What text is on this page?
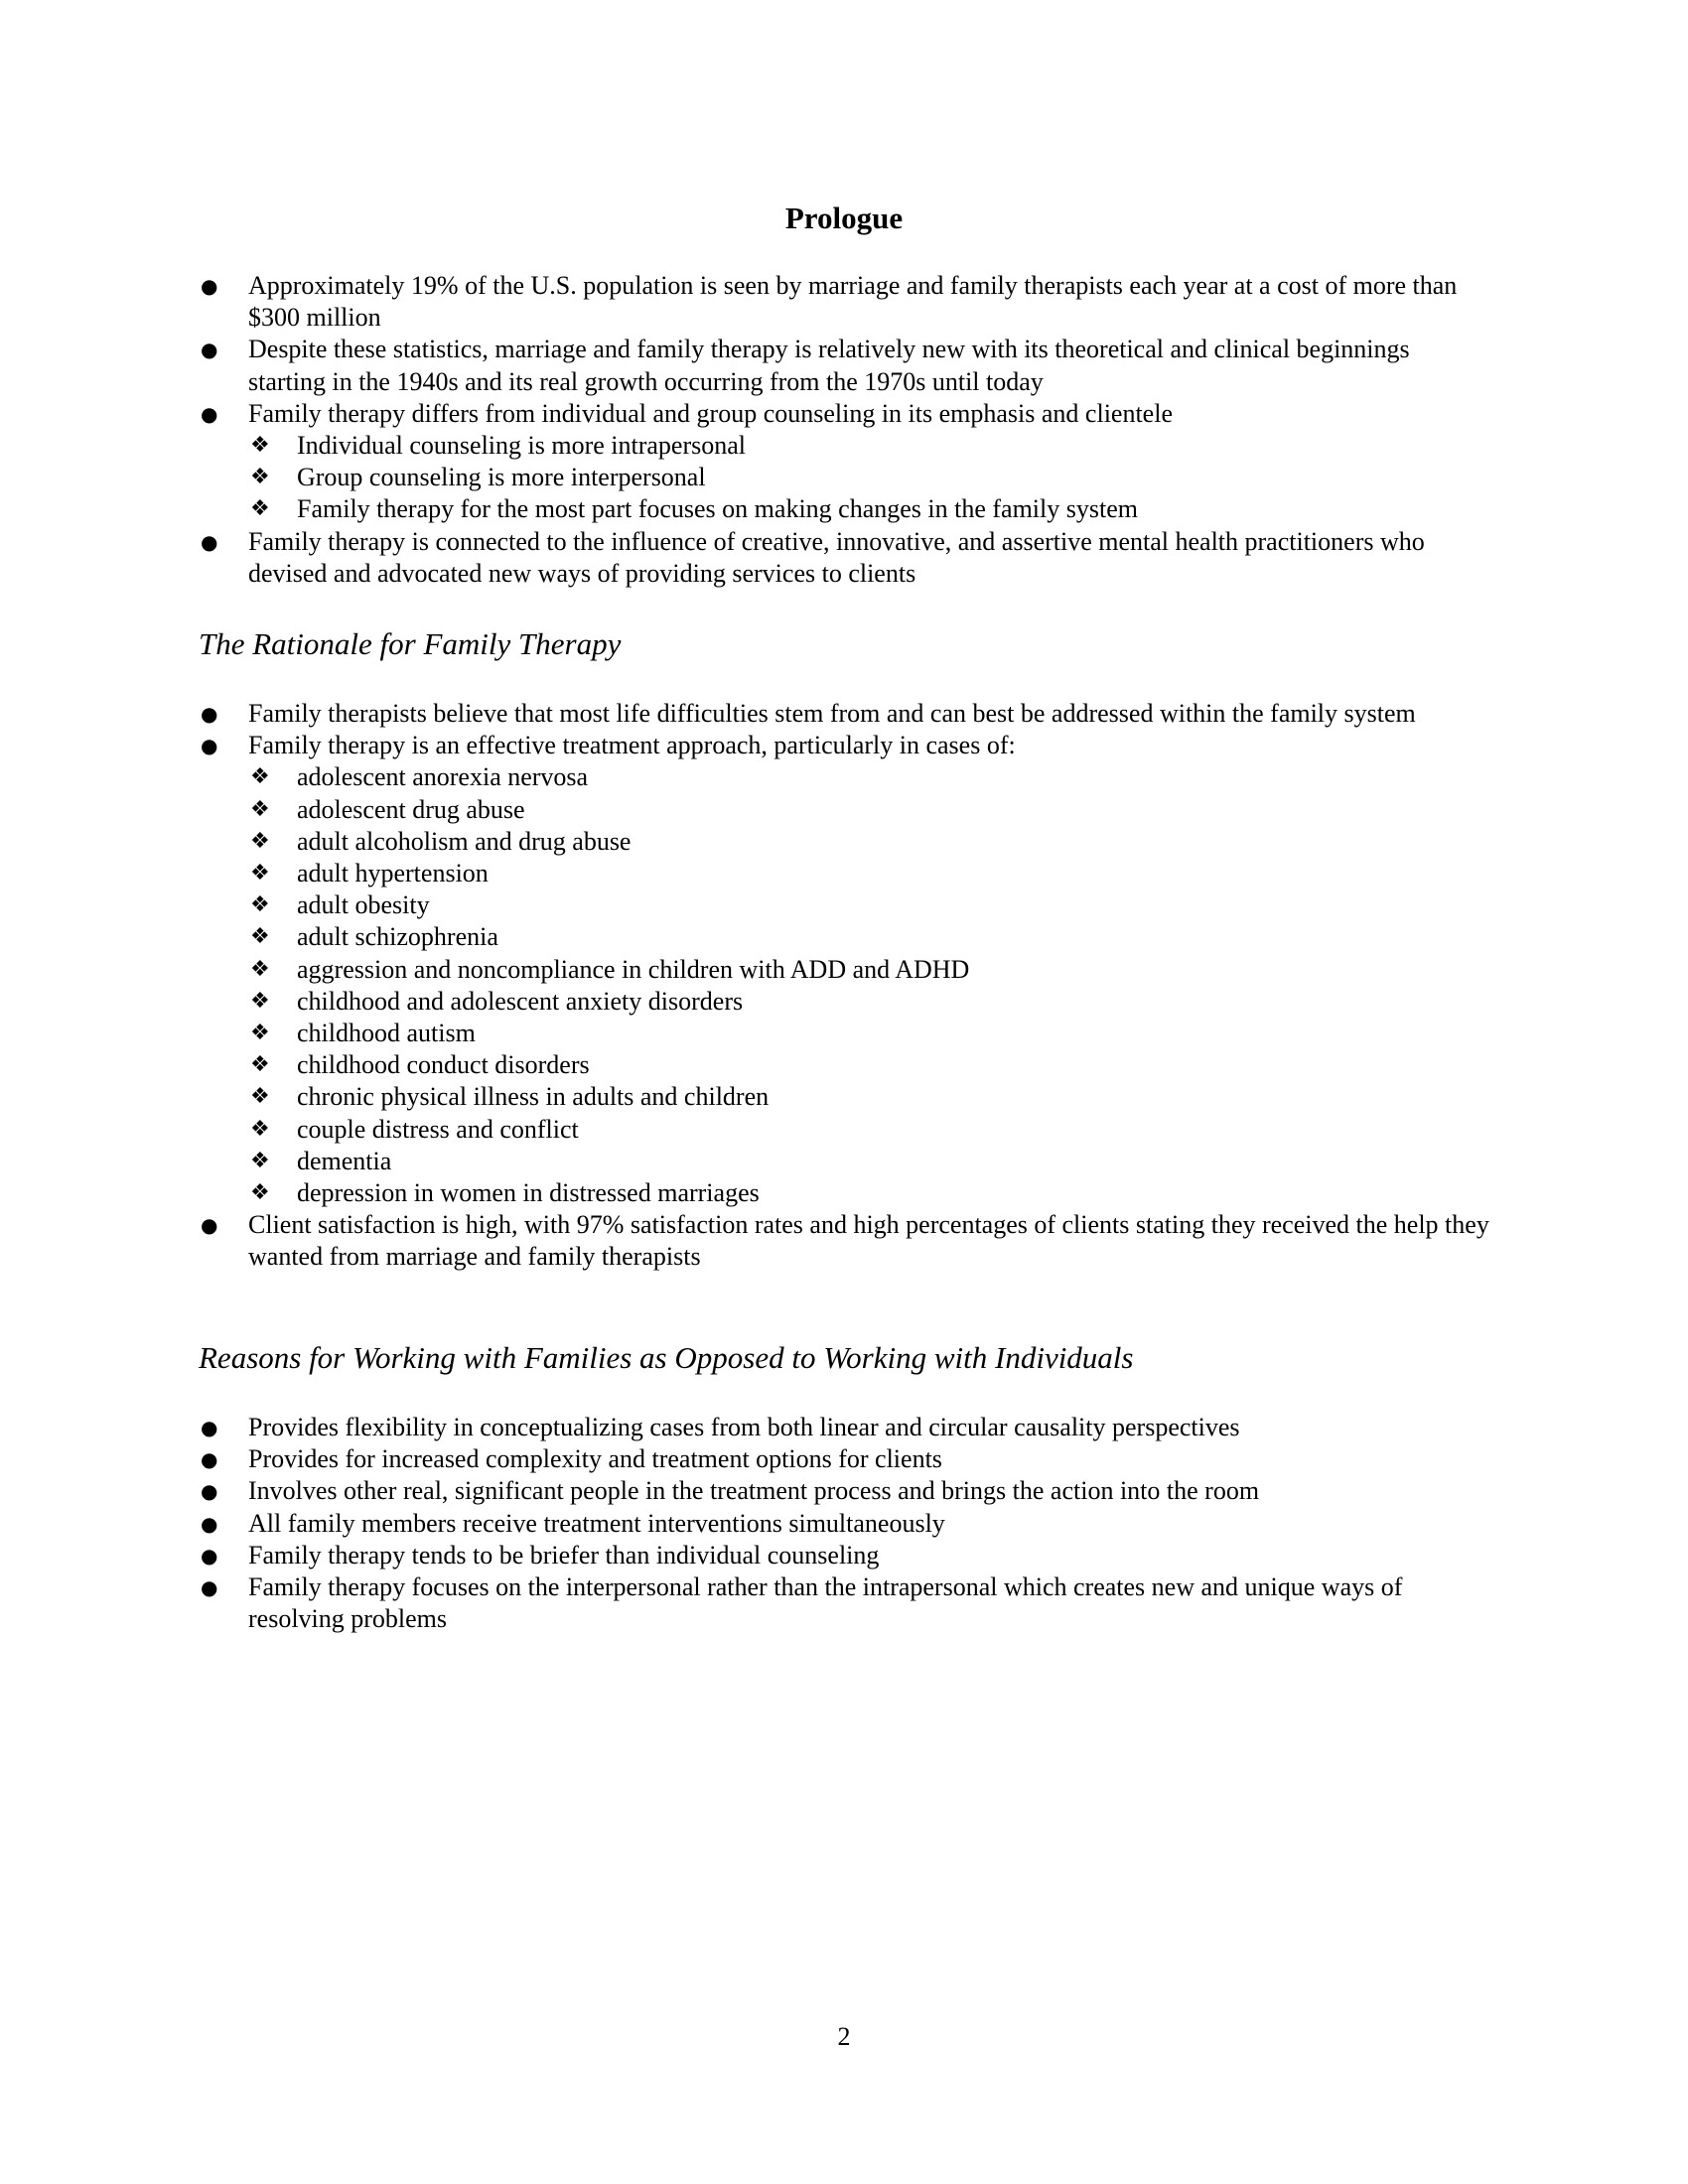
Prologue
● Approximately 19% of the U.S. population is seen by marriage and family therapists each year at a cost of more than $300 million
● Despite these statistics, marriage and family therapy is relatively new with its theoretical and clinical beginnings starting in the 1940s and its real growth occurring from the 1970s until today
● Family therapy differs from individual and group counseling in its emphasis and clientele
❖ Individual counseling is more intrapersonal
❖ Group counseling is more interpersonal
❖ Family therapy for the most part focuses on making changes in the family system
● Family therapy is connected to the influence of creative, innovative, and assertive mental health practitioners who devised and advocated new ways of providing services to clients
The Rationale for Family Therapy
● Family therapists believe that most life difficulties stem from and can best be addressed within the family system
● Family therapy is an effective treatment approach, particularly in cases of:
❖ adolescent anorexia nervosa
❖ adolescent drug abuse
❖ adult alcoholism and drug abuse
❖ adult hypertension
❖ adult obesity
❖ adult schizophrenia
❖ aggression and noncompliance in children with ADD and ADHD
❖ childhood and adolescent anxiety disorders
❖ childhood autism
❖ childhood conduct disorders
❖ chronic physical illness in adults and children
❖ couple distress and conflict
❖ dementia
❖ depression in women in distressed marriages
● Client satisfaction is high, with 97% satisfaction rates and high percentages of clients stating they received the help they wanted from marriage and family therapists
Reasons for Working with Families as Opposed to Working with Individuals
● Provides flexibility in conceptualizing cases from both linear and circular causality perspectives
● Provides for increased complexity and treatment options for clients
● Involves other real, significant people in the treatment process and brings the action into the room
● All family members receive treatment interventions simultaneously
● Family therapy tends to be briefer than individual counseling
● Family therapy focuses on the interpersonal rather than the intrapersonal which creates new and unique ways of resolving problems
2
